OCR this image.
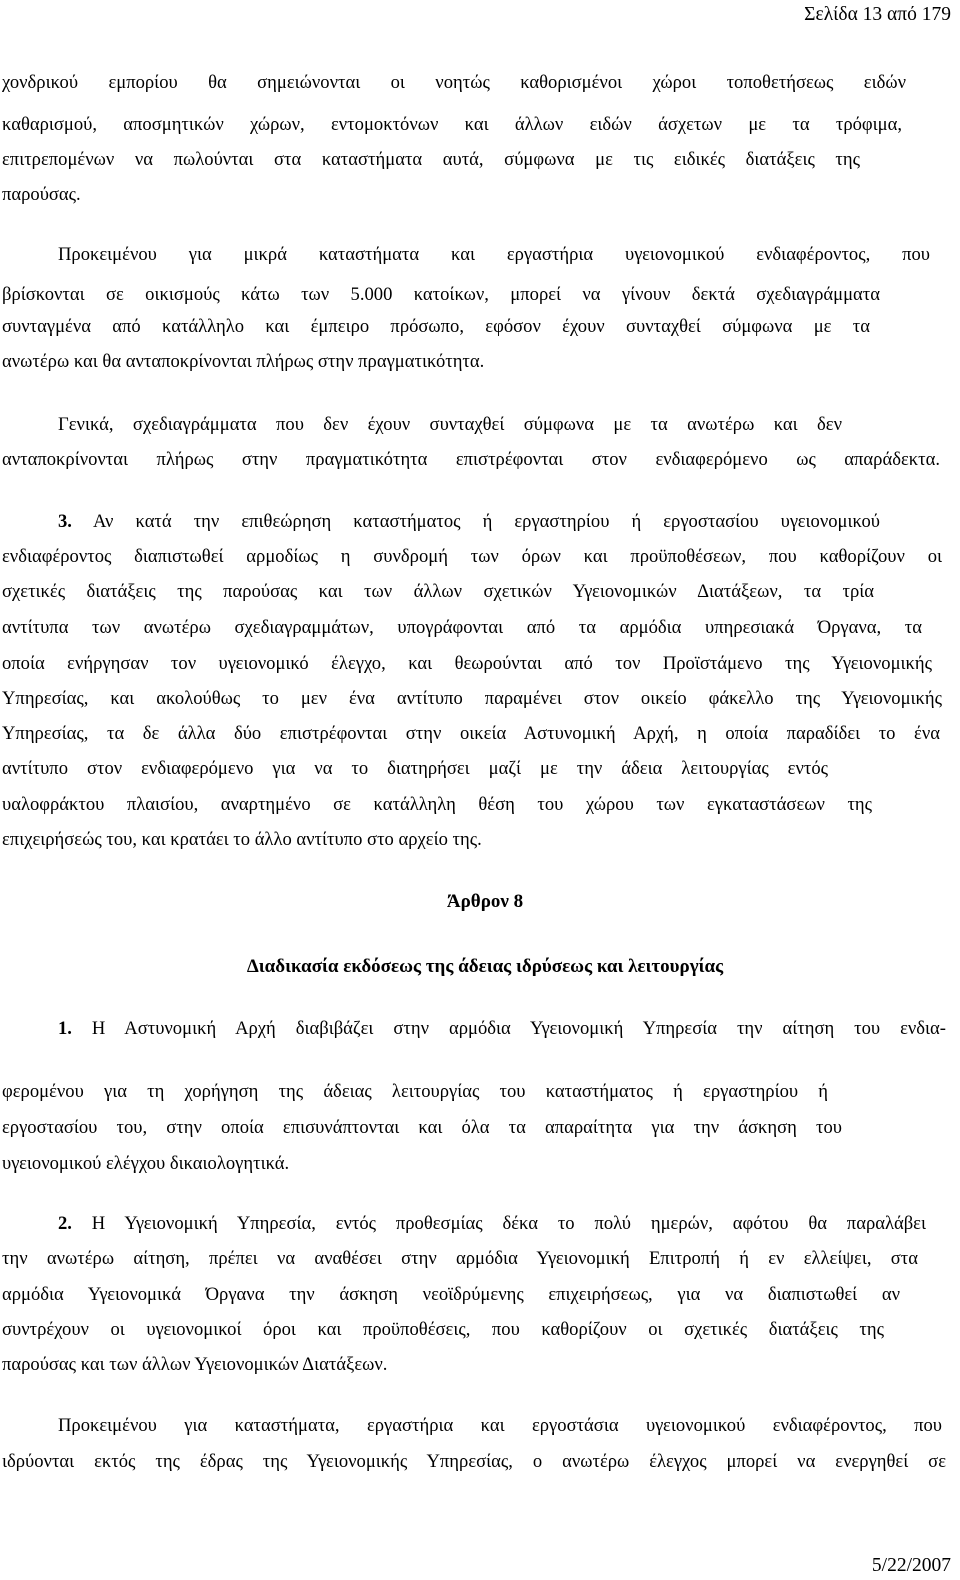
Σελίδα 13 από 179
χονδρικού εμπορίου θα σημειώνονται οι νοητώς καθορισμένοι χώροι τοποθετήσεως ειδών
καθαρισμού, αποσμητικών χώρων, εντομοκτόνων και άλλων ειδών άσχετων με τα τρόφιμα,
επιτρεπομένων να πωλούνται στα καταστήματα αυτά, σύμφωνα με τις ειδικές διατάξεις της
παρούσας.
Προκειμένου για μικρά καταστήματα και εργαστήρια υγειονομικού ενδιαφέροντος, που
βρίσκονται σε οικισμούς κάτω των 5.000 κατοίκων, μπορεί να γίνουν δεκτά σχεδιαγράμματα
συνταγμένα από κατάλληλο και έμπειρο πρόσωπο, εφόσον έχουν συνταχθεί σύμφωνα με τα
ανωτέρω και θα ανταποκρίνονται πλήρως στην πραγματικότητα.
Γενικά, σχεδιαγράμματα που δεν έχουν συνταχθεί σύμφωνα με τα ανωτέρω και δεν
ανταποκρίνονται πλήρως στην πραγματικότητα επιστρέφονται στον ενδιαφερόμενο ως απαράδεκτα.
3. Αν κατά την επιθεώρηση καταστήματος ή εργαστηρίου ή εργοστασίου υγειονομικού
ενδιαφέροντος διαπιστωθεί αρμοδίως η συνδρομή των όρων και προϋποθέσεων, που καθορίζουν οι
σχετικές διατάξεις της παρούσας και των άλλων σχετικών Υγειονομικών Διατάξεων, τα τρία
αντίτυπα των ανωτέρω σχεδιαγραμμάτων, υπογράφονται από τα αρμόδια υπηρεσιακά Όργανα, τα
οποία ενήργησαν τον υγειονομικό έλεγχο, και θεωρούνται από τον Προϊστάμενο της Υγειονομικής
Υπηρεσίας, και ακολούθως το μεν ένα αντίτυπο παραμένει στον οικείο φάκελλο της Υγειονομικής
Υπηρεσίας, τα δε άλλα δύο επιστρέφονται στην οικεία Αστυνομική Αρχή, η οποία παραδίδει το ένα
αντίτυπο στον ενδιαφερόμενο για να το διατηρήσει μαζί με την άδεια λειτουργίας εντός
υαλοφράκτου πλαισίου, αναρτημένο σε κατάλληλη θέση του χώρου των εγκαταστάσεων της
επιχειρήσεώς του, και κρατάει το άλλο αντίτυπο στο αρχείο της.
Άρθρον 8
Διαδικασία εκδόσεως της άδειας ιδρύσεως και λειτουργίας
1. Η Αστυνομική Αρχή διαβιβάζει στην αρμόδια Υγειονομική Υπηρεσία την αίτηση του ενδια-
φερομένου για τη χορήγηση της άδειας λειτουργίας του καταστήματος ή εργαστηρίου ή
εργοστασίου του, στην οποία επισυνάπτονται και όλα τα απαραίτητα για την άσκηση του
υγειονομικού ελέγχου δικαιολογητικά.
2. Η Υγειονομική Υπηρεσία, εντός προθεσμίας δέκα το πολύ ημερών, αφότου θα παραλάβει
την ανωτέρω αίτηση, πρέπει να αναθέσει στην αρμόδια Υγειονομική Επιτροπή ή εν ελλείψει, στα
αρμόδια Υγειονομικά Όργανα την άσκηση νεοϊδρύμενης επιχειρήσεως, για να διαπιστωθεί αν
συντρέχουν οι υγειονομικοί όροι και προϋποθέσεις, που καθορίζουν οι σχετικές διατάξεις της
παρούσας και των άλλων Υγειονομικών Διατάξεων.
Προκειμένου για καταστήματα, εργαστήρια και εργοστάσια υγειονομικού ενδιαφέροντος, που
ιδρύονται εκτός της έδρας της Υγειονομικής Υπηρεσίας, ο ανωτέρω έλεγχος μπορεί να ενεργηθεί σε
5/22/2007
